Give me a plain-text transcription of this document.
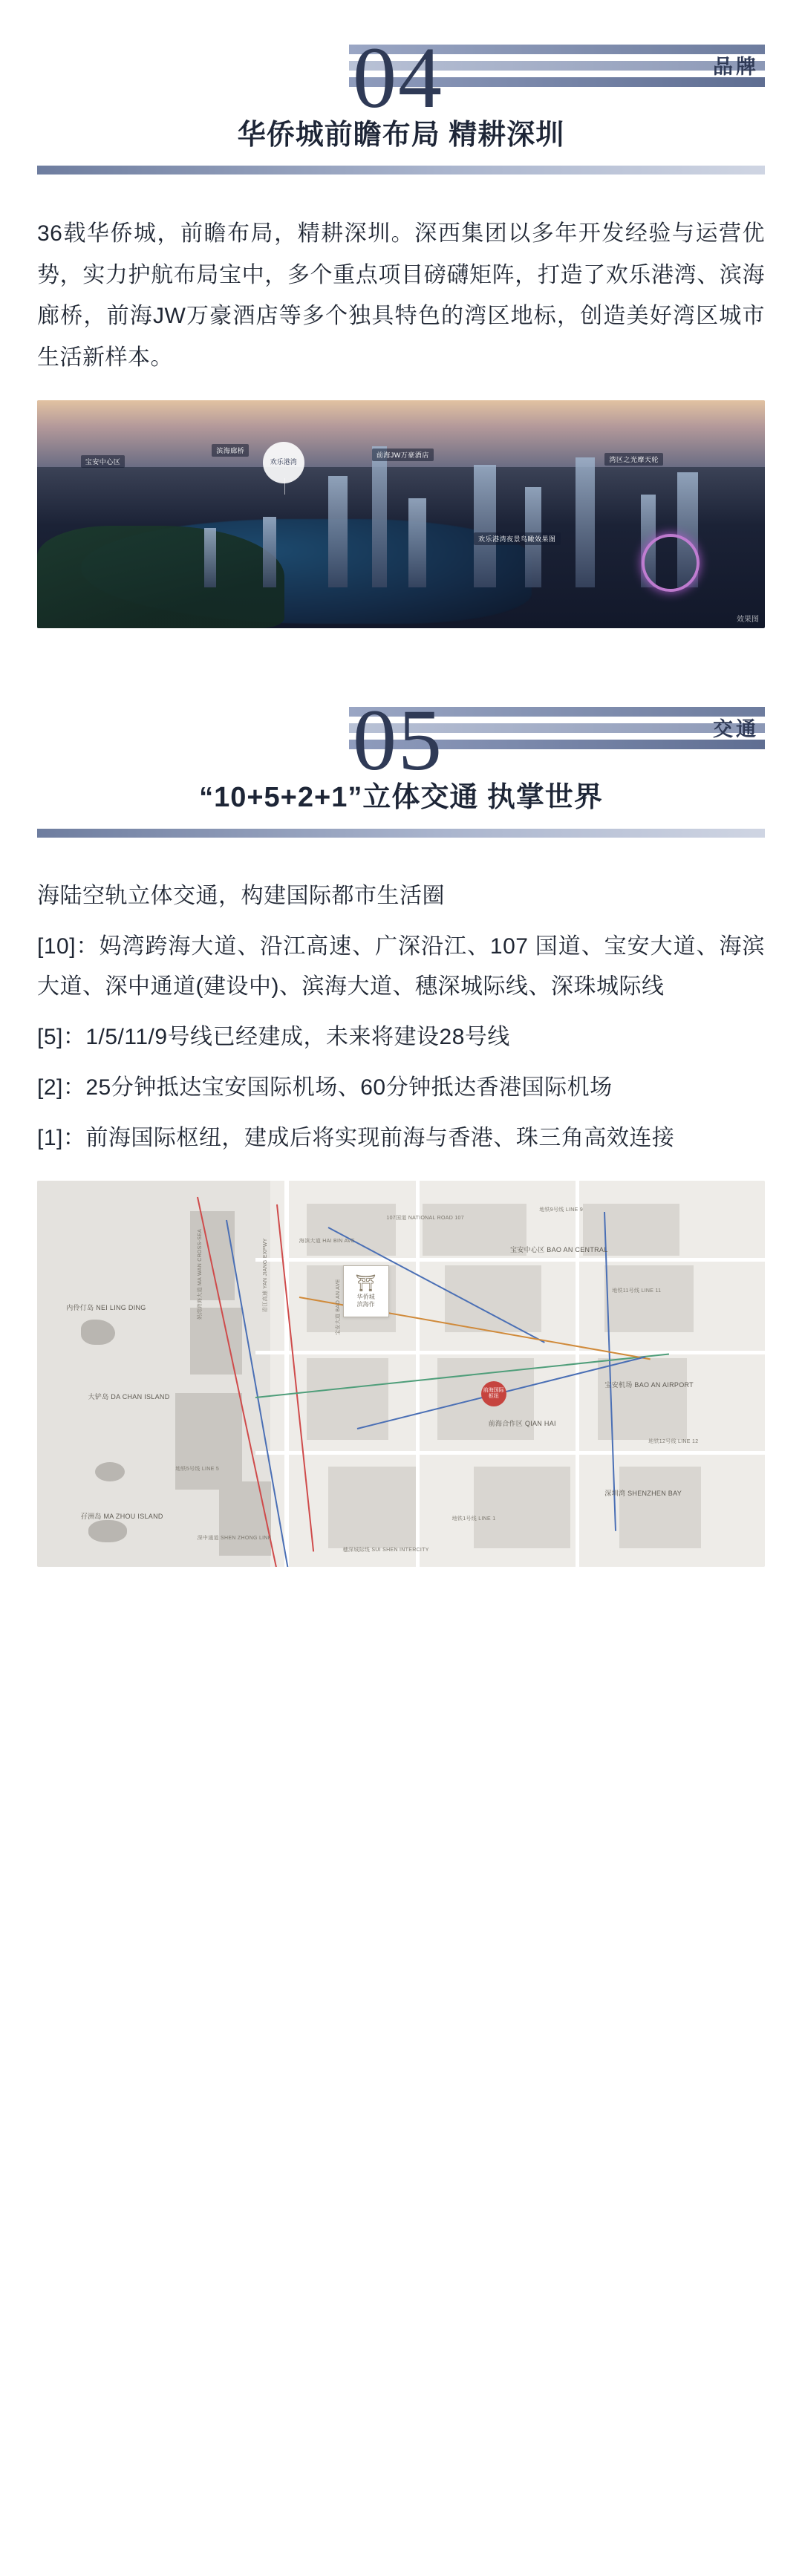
04	品牌
华侨城前瞻布局 精耕深圳
36载华侨城，前瞻布局，精耕深圳。深西集团以多年开发经验与运营优势，实力护航布局宝中，多个重点项目磅礴矩阵，打造了欢乐港湾、滨海廊桥，前海JW万豪酒店等多个独具特色的湾区地标，创造美好湾区城市生活新样本。
欢乐港湾
宝安中心区
滨海廊桥
前海JW万豪酒店
湾区之光摩天轮
欢乐港湾夜景鸟瞰效果图
效果图
05	交通
“10+5+2+1”立体交通 执掌世界
海陆空轨立体交通，构建国际都市生活圈
[10]：妈湾跨海大道、沿江高速、广深沿江、107 国道、宝安大道、海滨大道、深中通道(建设中)、滨海大道、穗深城际线、深珠城际线
[5]：1/5/11/9号线已经建成，未来将建设28号线
[2]：25分钟抵达宝安国际机场、60分钟抵达香港国际机场
[1]：前海国际枢纽，建成后将实现前海与香港、珠三角高效连接
⛩
华侨城
滨海作
前海国际枢纽
大铲岛 DA CHAN ISLAND
内伶仃岛 NEI LING DING
孖洲岛 MA ZHOU ISLAND
宝安中心区 BAO AN CENTRAL
前海合作区 QIAN HAI
宝安机场 BAO AN AIRPORT
深圳湾 SHENZHEN BAY
妈湾跨海大道 MA WAN CROSS-SEA	沿江高速 YAN JIANG EXPWY	宝安大道 BAO AN AVE
107国道 NATIONAL ROAD 107
海滨大道 HAI BIN AVE
深中通道 SHEN ZHONG LINK
穗深城际线 SUI SHEN INTERCITY
地铁1号线 LINE 1
地铁5号线 LINE 5
地铁11号线 LINE 11
地铁9号线 LINE 9
地铁12号线 LINE 12
